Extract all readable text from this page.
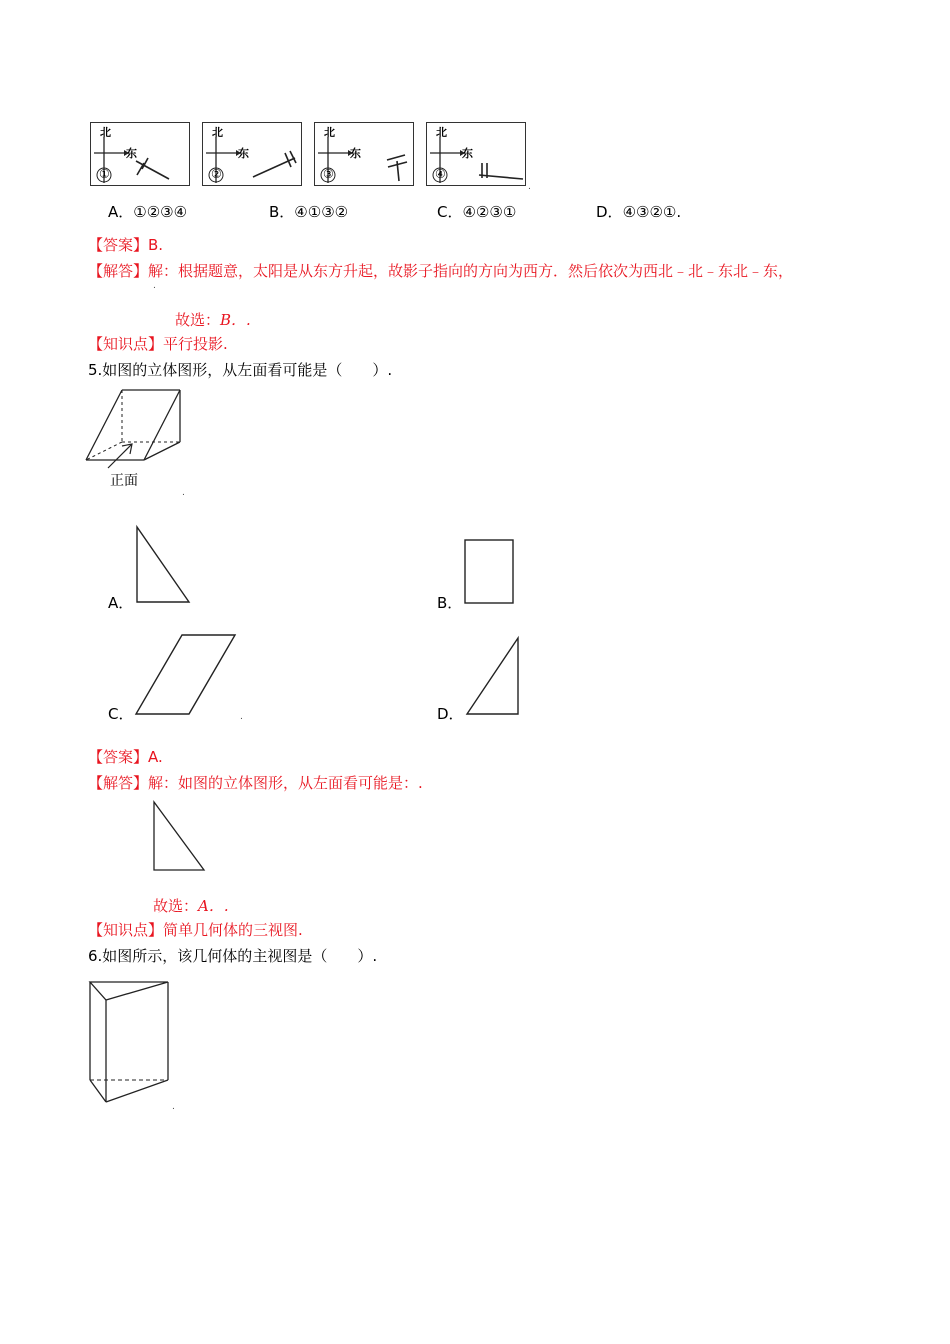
北
东
①
北
东
②
北
东
③
北
东
④
.
A．①②③④	B．④①③②	C．④②③①	D．④③②①.
【答案】B.
【解答】解：根据题意，太阳是从东方升起，故影子指向的方向为西方．然后依次为西北﹣北﹣东北﹣东，
.
故选：B．.
【知识点】平行投影.
5.如图的立体图形，从左面看可能是（　　）.
正面
.
A．	B．
C．	.	D．
【答案】A.
【解答】解：如图的立体图形，从左面看可能是：.
故选：A．.
【知识点】简单几何体的三视图.
6.如图所示，该几何体的主视图是（　　）.
.
